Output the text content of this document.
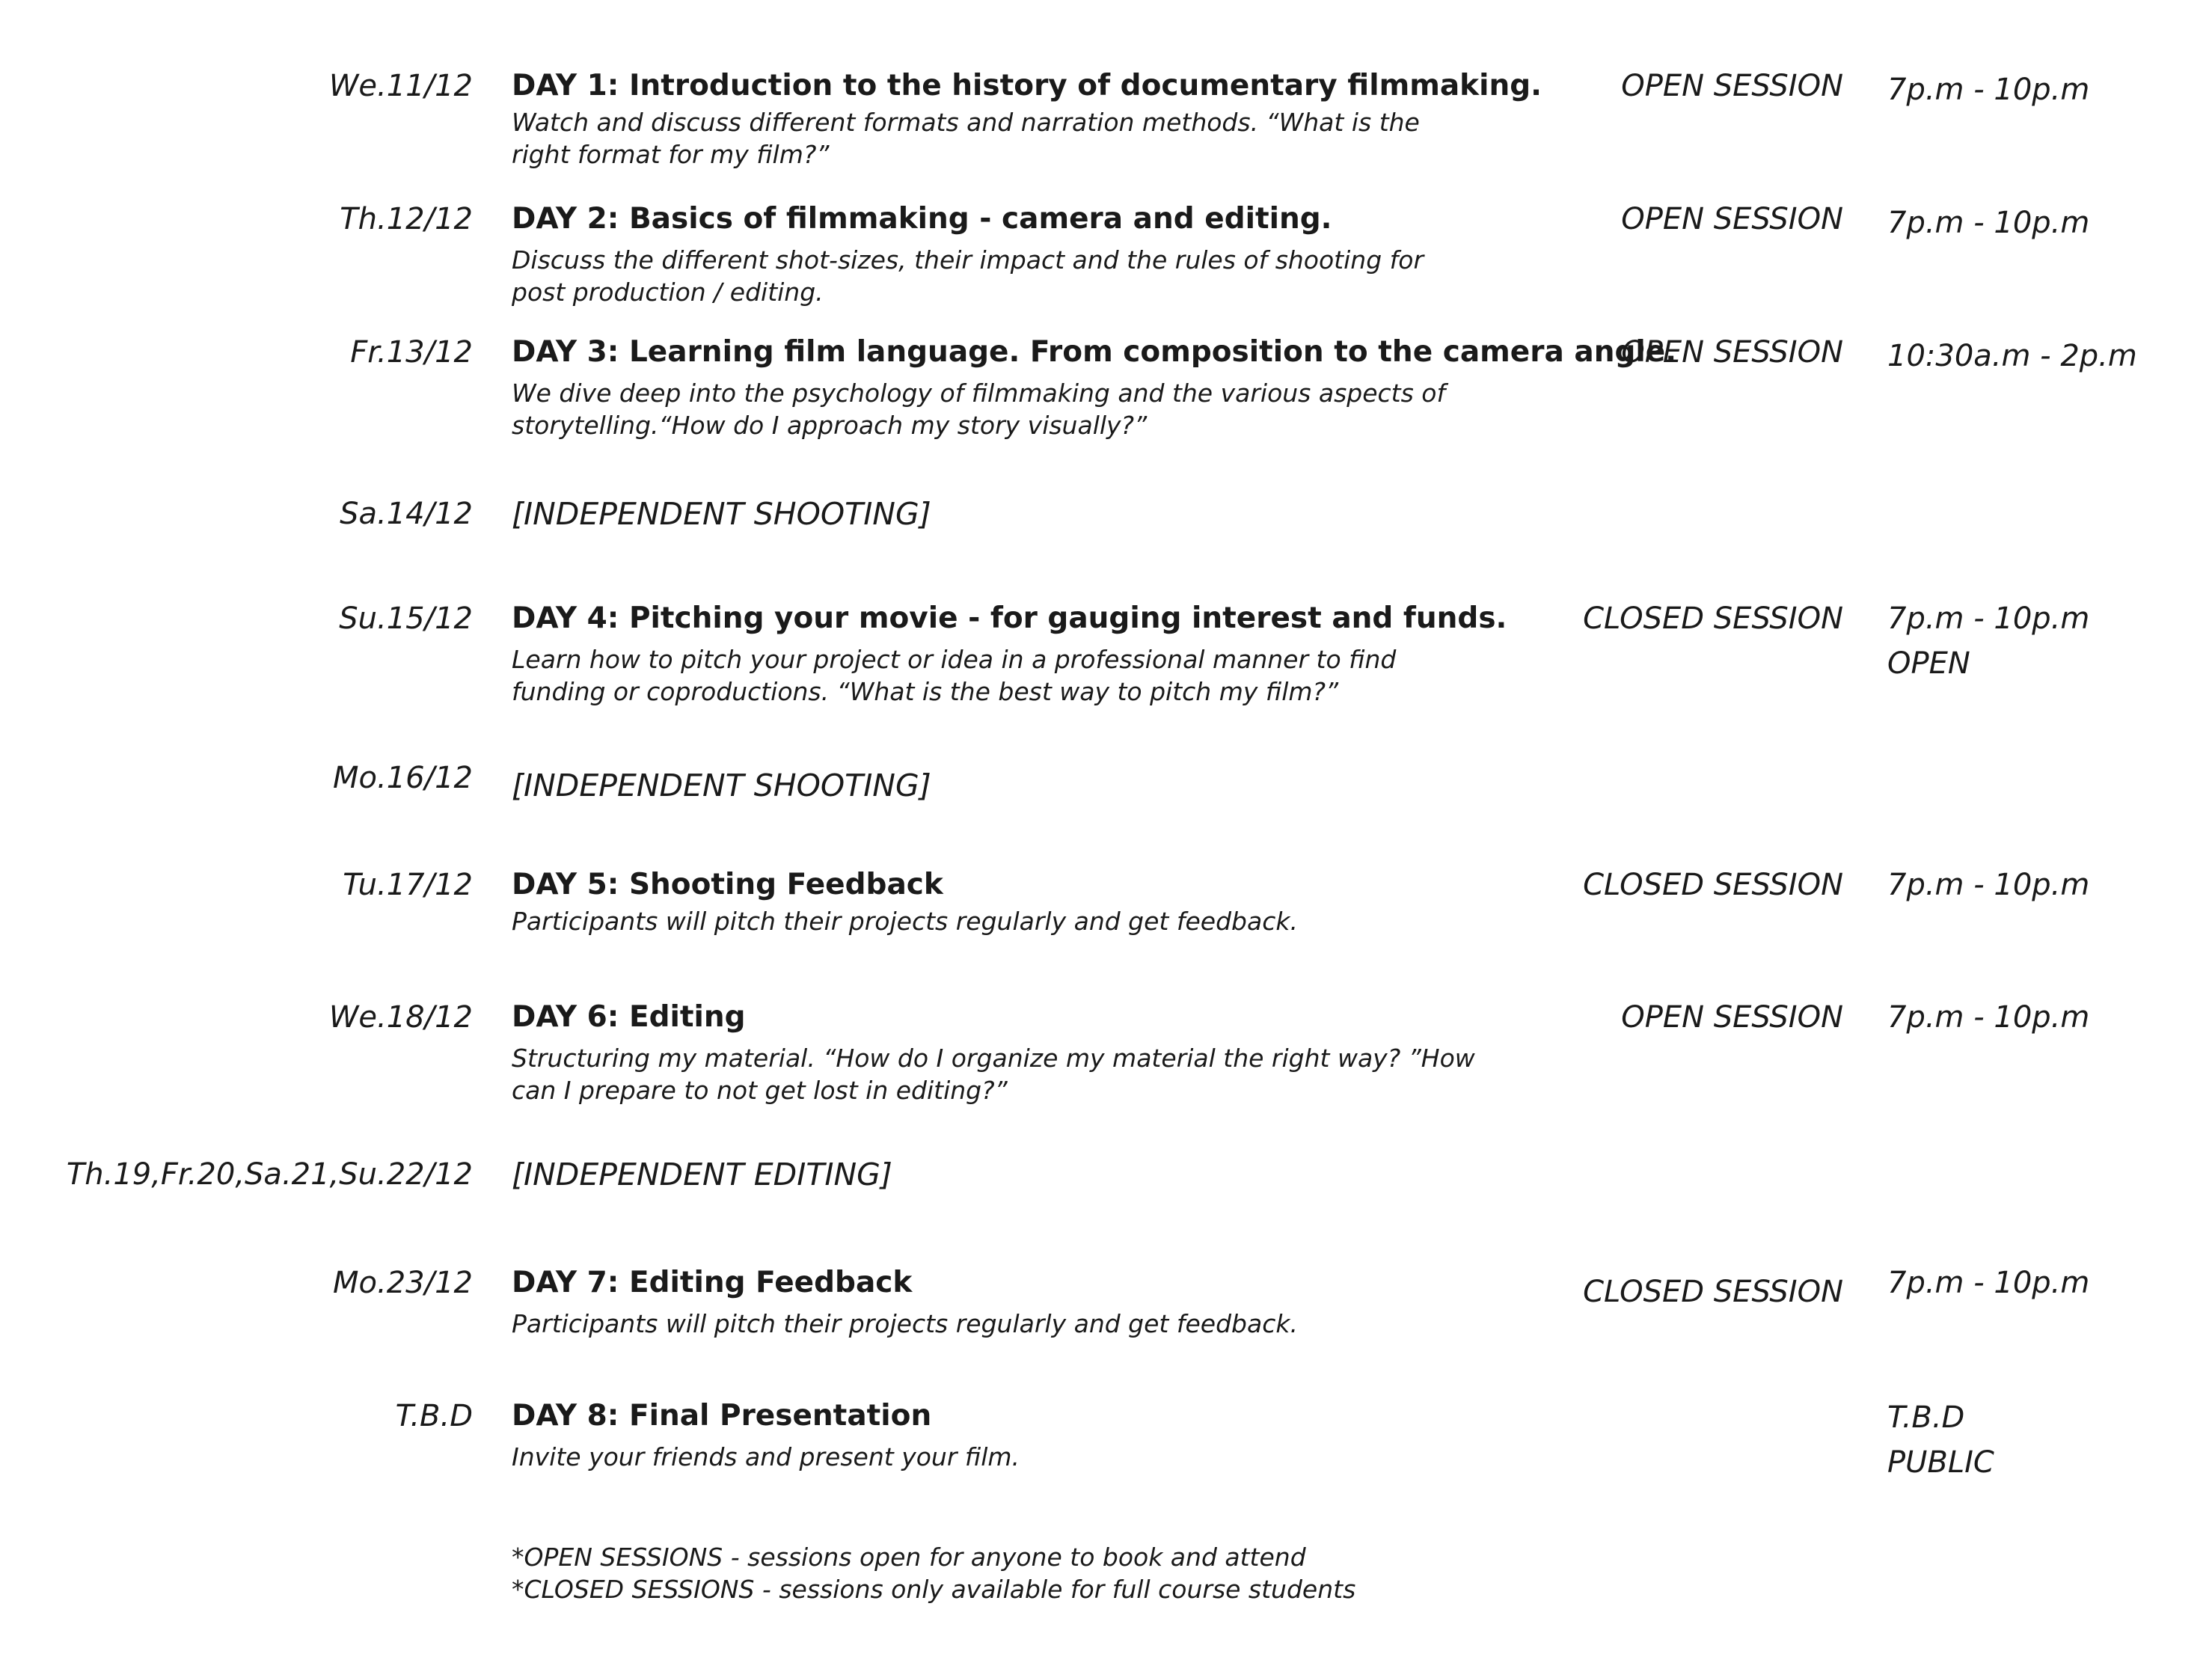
We.11/12 DAY 1: Introduction to the history of documentary filmmaking.
Watch and discuss different formats and narration methods. “What is the
right format for my film?”
OPEN SESSION 7p.m - 10p.m
Th.12/12 DAY 2: Basics of filmmaking - camera and editing.
Discuss the different shot-sizes, their impact and the rules of shooting for
post production / editing.
OPEN SESSION 7p.m - 10p.m
Fr.13/12 DAY 3: Learning film language. From composition to the camera angle.
We dive deep into the psychology of filmmaking and the various aspects of
storytelling.“How do I approach my story visually?”
OPEN SESSION 10:30a.m - 2p.m
Sa.14/12 [INDEPENDENT SHOOTING]
Su.15/12 DAY 4: Pitching your movie - for gauging interest and funds.
Learn how to pitch your project or idea in a professional manner to find
funding or coproductions. “What is the best way to pitch my film?”
CLOSED SESSION 7p.m - 10p.m
OPEN
Mo.16/12 [INDEPENDENT SHOOTING]
Tu.17/12 DAY 5: Shooting Feedback
Participants will pitch their projects regularly and get feedback.
CLOSED SESSION 7p.m - 10p.m
We.18/12 DAY 6: Editing
Structuring my material. “How do I organize my material the right way? ”How
can I prepare to not get lost in editing?”
OPEN SESSION 7p.m - 10p.m
Th.19,Fr.20,Sa.21,Su.22/12 [INDEPENDENT EDITING]
Mo.23/12 DAY 7: Editing Feedback
Participants will pitch their projects regularly and get feedback.
CLOSED SESSION 7p.m - 10p.m
T.B.D DAY 8: Final Presentation
Invite your friends and present your film.
T.B.D
PUBLIC
*OPEN SESSIONS - sessions open for anyone to book and attend
*CLOSED SESSIONS - sessions only available for full course students
